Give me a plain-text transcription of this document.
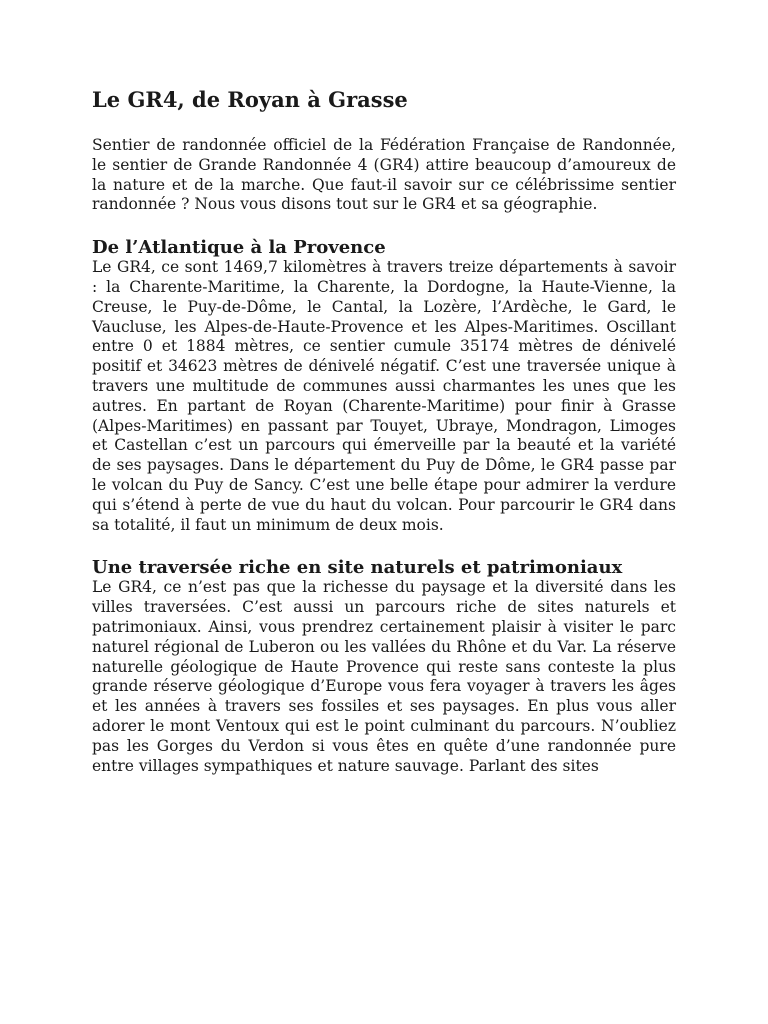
Le GR4, de Royan à Grasse

Sentier de randonnée officiel de la Fédération Française de Randonnée, le sentier de Grande Randonnée 4 (GR4) attire beaucoup d’amoureux de la nature et de la marche. Que faut-il savoir sur ce célébrissime sentier randonnée ? Nous vous disons tout sur le GR4 et sa géographie.

De l’Atlantique à la Provence

Le GR4, ce sont 1469,7 kilomètres à travers treize départements à savoir : la Charente-Maritime, la Charente, la Dordogne, la Haute-Vienne, la Creuse, le Puy-de-Dôme, le Cantal, la Lozère, l’Ardèche, le Gard, le Vaucluse, les Alpes-de-Haute-Provence et les Alpes-Maritimes. Oscillant entre 0 et 1884 mètres, ce sentier cumule 35174 mètres de dénivelé positif et 34623 mètres de dénivelé négatif. C’est une traversée unique à travers une multitude de communes aussi charmantes les unes que les autres. En partant de Royan (Charente-Maritime) pour finir à Grasse (Alpes-Maritimes) en passant par Touyet, Ubraye, Mondragon, Limoges et Castellan c’est un parcours qui émerveille par la beauté et la variété de ses paysages. Dans le département du Puy de Dôme, le GR4 passe par le volcan du Puy de Sancy. C’est une belle étape pour admirer la verdure qui s’étend à perte de vue du haut du volcan. Pour parcourir le GR4 dans sa totalité, il faut un minimum de deux mois.

Une traversée riche en site naturels et patrimoniaux

Le GR4, ce n’est pas que la richesse du paysage et la diversité dans les villes traversées. C’est aussi un parcours riche de sites naturels et patrimoniaux. Ainsi, vous prendrez certainement plaisir à visiter le parc naturel régional de Luberon ou les vallées du Rhône et du Var. La réserve naturelle géologique de Haute Provence qui reste sans conteste la plus grande réserve géologique d’Europe vous fera voyager à travers les âges et les années à travers ses fossiles et ses paysages. En plus vous aller adorer le mont Ventoux qui est le point culminant du parcours. N’oubliez pas les Gorges du Verdon si vous êtes en quête d’une randonnée pure entre villages sympathiques et nature sauvage. Parlant des sites
